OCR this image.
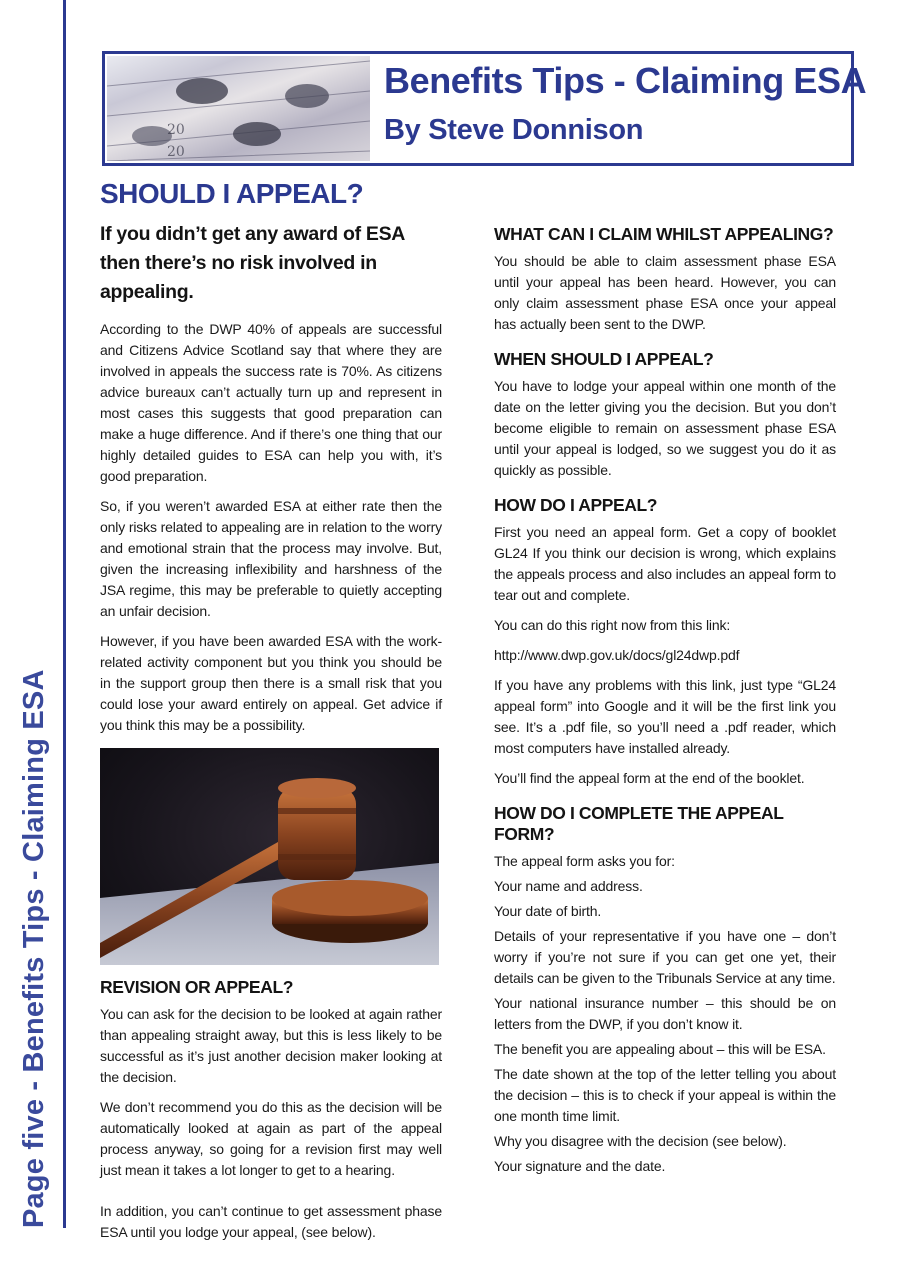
Page five - Benefits Tips - Claiming ESA
20
20
Benefits Tips - Claiming ESA
By Steve Donnison
SHOULD I APPEAL?
If you didn’t get any award of ESA then there’s no risk involved in appealing.

According to the DWP 40% of appeals are successful and Citizens Advice Scotland say that where they are involved in appeals the success rate is 70%. As citizens advice bureaux can’t actually turn up and represent in most cases this suggests that good preparation can make a huge difference. And if there’s one thing that our highly detailed guides to ESA can help you with, it’s good preparation.

So, if you weren’t awarded ESA at either rate then the only risks related to appealing are in relation to the worry and emotional strain that the process may involve. But, given the increasing inflexibility and harshness of the JSA regime, this may be preferable to quietly accepting an unfair decision.

However, if you have been awarded ESA with the work-related activity component but you think you should be in the support group then there is a small risk that you could lose your award entirely on appeal. Get advice if you think this may be a possibility.

REVISION OR APPEAL?

You can ask for the decision to be looked at again rather than appealing straight away, but this is less likely to be successful as it’s just another decision maker looking at the decision.

We don’t recommend you do this as the decision will be automatically looked at again as part of the appeal process anyway, so going for a revision first may well just mean it takes a lot longer to get to a hearing.

In addition, you can’t continue to get assessment phase ESA until you lodge your appeal, (see below).

WHAT CAN I CLAIM WHILST APPEALING?

You should be able to claim assessment phase ESA until your appeal has been heard. However, you can only claim assessment phase ESA once your appeal has actually been sent to the DWP.

WHEN SHOULD I APPEAL?

You have to lodge your appeal within one month of the date on the letter giving you the decision. But you don’t become eligible to remain on assessment phase ESA until your appeal is lodged, so we suggest you do it as quickly as possible.

HOW DO I APPEAL?

First you need an appeal form. Get a copy of booklet GL24 If you think our decision is wrong, which explains the appeals process and also includes an appeal form to tear out and complete.

You can do this right now from this link:

http://www.dwp.gov.uk/docs/gl24dwp.pdf

If you have any problems with this link, just type “GL24 appeal form” into Google and it will be the first link you see. It’s a .pdf file, so you’ll need a .pdf reader, which most computers have installed already.

You’ll find the appeal form at the end of the booklet.

HOW DO I COMPLETE THE APPEAL FORM?

The appeal form asks you for:

Your name and address.

Your date of birth.

Details of your representative if you have one – don’t worry if you’re not sure if you can get one yet, their details can be given to the Tribunals Service at any time.

Your national insurance number – this should be on letters from the DWP, if you don’t know it.

The benefit you are appealing about – this will be ESA.

The date shown at the top of the letter telling you about the decision – this is to check if your appeal is within the one month time limit.

Why you disagree with the decision (see below).

Your signature and the date.
